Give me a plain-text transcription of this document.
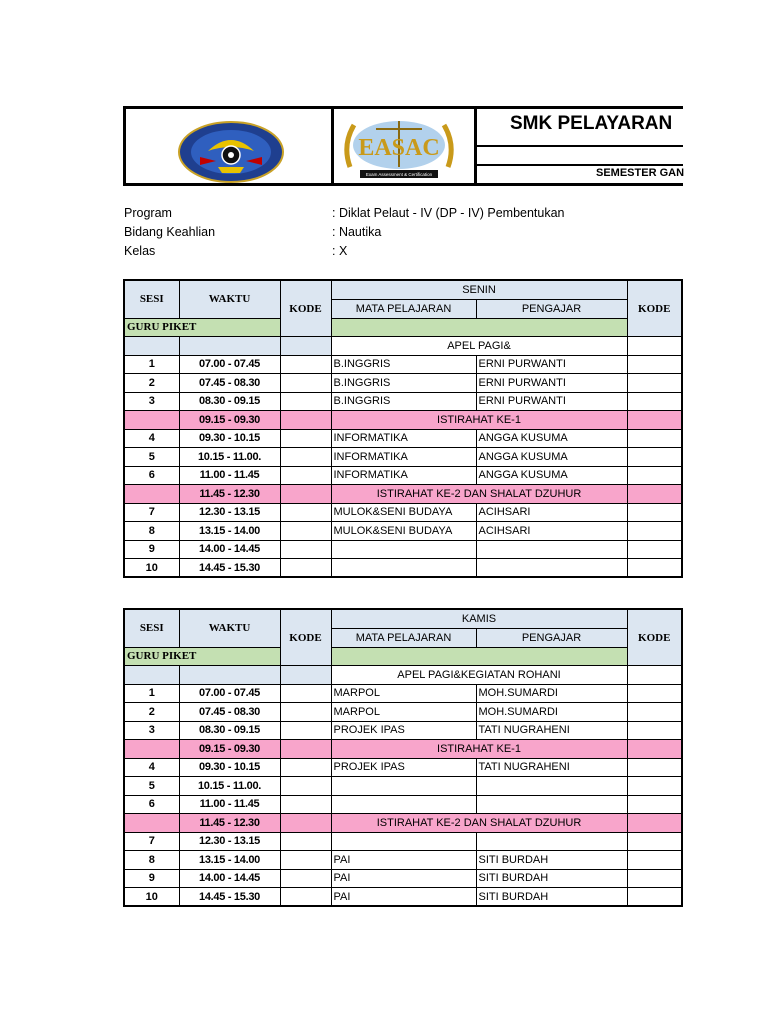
EASAC
Exam Assessment & Certification
SMK PELAYARAN
SEMESTER GAN
Program	: Diklat Pelaut - IV (DP - IV) Pembentukan
Bidang Keahlian	: Nautika
Kelas	: X
SESI	WAKTU	KODE	SENIN		KODE
			MATA PELAJARAN	PENGAJAR	
GURU PIKET					
			APEL PAGI&		
1	07.00 - 07.45		B.INGGRIS	ERNI PURWANTI	
2	07.45 - 08.30		B.INGGRIS	ERNI PURWANTI	
3	08.30 - 09.15		B.INGGRIS	ERNI PURWANTI	
	09.15 - 09.30		ISTIRAHAT KE-1		
4	09.30 - 10.15		INFORMATIKA	ANGGA KUSUMA	
5	10.15 - 11.00.		INFORMATIKA	ANGGA KUSUMA	
6	11.00 - 11.45		INFORMATIKA	ANGGA KUSUMA	
	11.45 - 12.30		ISTIRAHAT KE-2 DAN SHALAT DZUHUR		
7	12.30 - 13.15		MULOK&SENI BUDAYA	ACIHSARI	
8	13.15 - 14.00		MULOK&SENI BUDAYA	ACIHSARI	
9	14.00 - 14.45				
10	14.45 - 15.30				
SESI	WAKTU	KODE	KAMIS		KODE
			MATA PELAJARAN	PENGAJAR	
GURU PIKET					
			APEL PAGI&KEGIATAN ROHANI		
1	07.00 - 07.45		MARPOL	MOH.SUMARDI	
2	07.45 - 08.30		MARPOL	MOH.SUMARDI	
3	08.30 - 09.15		PROJEK IPAS	TATI NUGRAHENI	
	09.15 - 09.30		ISTIRAHAT KE-1		
4	09.30 - 10.15		PROJEK IPAS	TATI NUGRAHENI	
5	10.15 - 11.00.				
6	11.00 - 11.45				
	11.45 - 12.30		ISTIRAHAT KE-2 DAN SHALAT DZUHUR		
7	12.30 - 13.15				
8	13.15 - 14.00		PAI	SITI BURDAH	
9	14.00 - 14.45		PAI	SITI BURDAH	
10	14.45 - 15.30		PAI	SITI BURDAH	
